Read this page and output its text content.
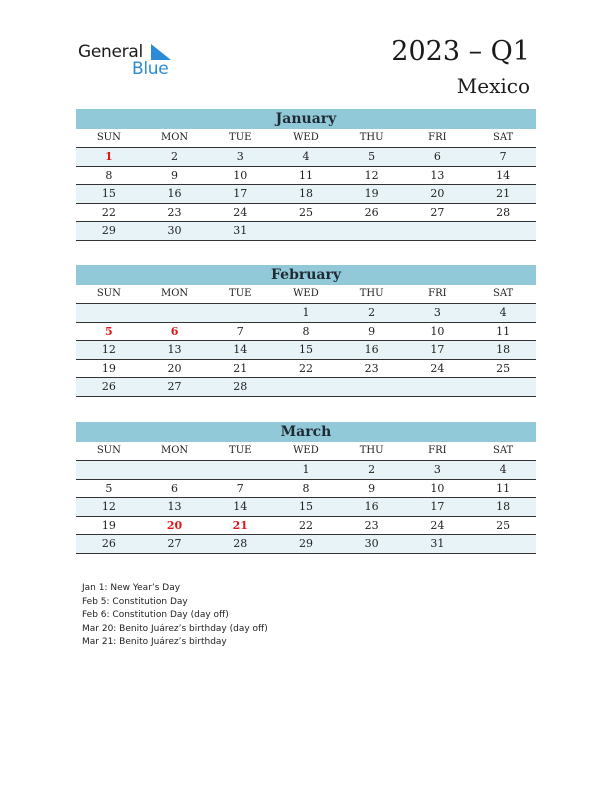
General
Blue
2023 – Q1
Mexico
January
SUN	MON	TUE	WED	THU	FRI	SAT
1	2	3	4	5	6	7
8	9	10	11	12	13	14
15	16	17	18	19	20	21
22	23	24	25	26	27	28
29	30	31				
February
SUN	MON	TUE	WED	THU	FRI	SAT
			1	2	3	4
5	6	7	8	9	10	11
12	13	14	15	16	17	18
19	20	21	22	23	24	25
26	27	28				
March
SUN	MON	TUE	WED	THU	FRI	SAT
			1	2	3	4
5	6	7	8	9	10	11
12	13	14	15	16	17	18
19	20	21	22	23	24	25
26	27	28	29	30	31	
Jan 1: New Year’s Day
Feb 5: Constitution Day
Feb 6: Constitution Day (day off)
Mar 20: Benito Juárez’s birthday (day off)
Mar 21: Benito Juárez’s birthday
